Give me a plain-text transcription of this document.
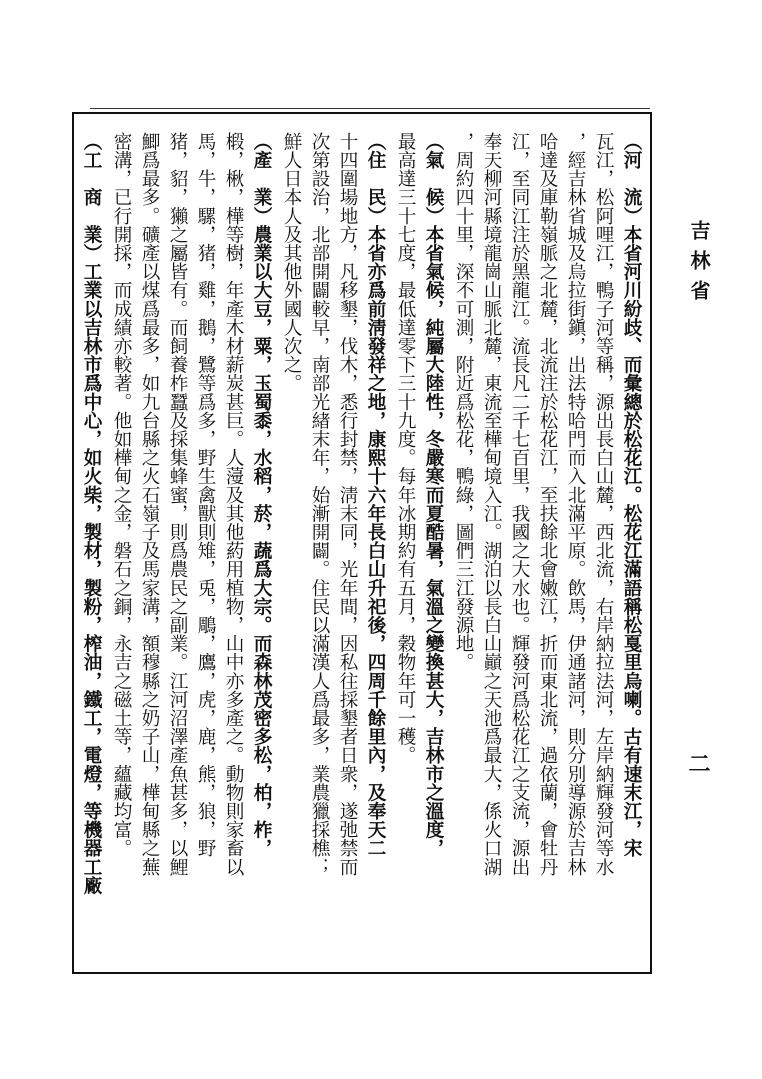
吉林省
二
（河　流）本省河川紛歧、而彙總於松花江。松花江滿語稱松戛里烏喇。古有速末江，宋
瓦江，松阿哩江，鴨子河等稱，源出長白山麓，西北流，右岸納拉法河，左岸納輝發河等水
，經吉林省城及烏拉街鎭，出法特哈門而入北滿平原。飲馬，伊通諸河，則分別導源於吉林
哈達及庫勒嶺脈之北麓，北流注於松花江，至扶餘北會嫩江，折而東北流，過依蘭，會牡丹
江，至同江注於黑龍江。流長凡二千七百里，我國之大水也。輝發河爲松花江之支流，源出
奉天柳河縣境龍崗山脈北麓，東流至樺甸境入江。湖泊以長白山巓之天池爲最大，係火口湖
，周約四十里，深不可測，附近爲松花，鴨綠，圖們三江發源地。
（氣　候）本省氣候，純屬大陸性，冬嚴寒而夏酷暑，氣溫之變換甚大，吉林市之溫度，
最高達三十七度，最低達零下三十九度。每年冰期約有五月，穀物年可一穫。
（住　民）本省亦爲前淸發祥之地，康熙十六年長白山升祀後，四周千餘里內，及奉天二
十四圍場地方，凡移墾，伐木，悉行封禁，淸末同，光年間，因私往採墾者日衆，遂弛禁而
次第設治，北部開闢較早，南部光緖末年，始漸開闢。住民以滿漢人爲最多，業農獵採樵；
鮮人日本人及其他外國人次之。
（產　業）農業以大豆，粟，玉蜀黍，水稻，菸，蔬爲大宗。而森林茂密多松，柏，柞，
椴，楸，樺等樹，年產木材薪炭甚巨。人薓及其他葯用植物，山中亦多產之。動物則家畜以
馬，牛，騾，猪，雞，鵝，鷺等爲多，野生禽獸則雉，兎，鵰，鷹，虎，鹿，熊，狼，野
猪，貂，獺之屬皆有。而飼養柞蠶及採集蜂蜜，則爲農民之副業。江河沼澤產魚甚多，以鯉
鯽爲最多。礦產以煤爲最多，如九台縣之火石嶺子及馬家溝，額穆縣之奶子山，樺甸縣之蕪
密溝，已行開採，而成績亦較著。他如樺甸之金，磐石之銅，永吉之磁土等，蘊藏均富。
（工　商　業）工業以吉林市爲中心，如火柴，製材，製粉，榨油，鐵工，電燈，等機器工廠
